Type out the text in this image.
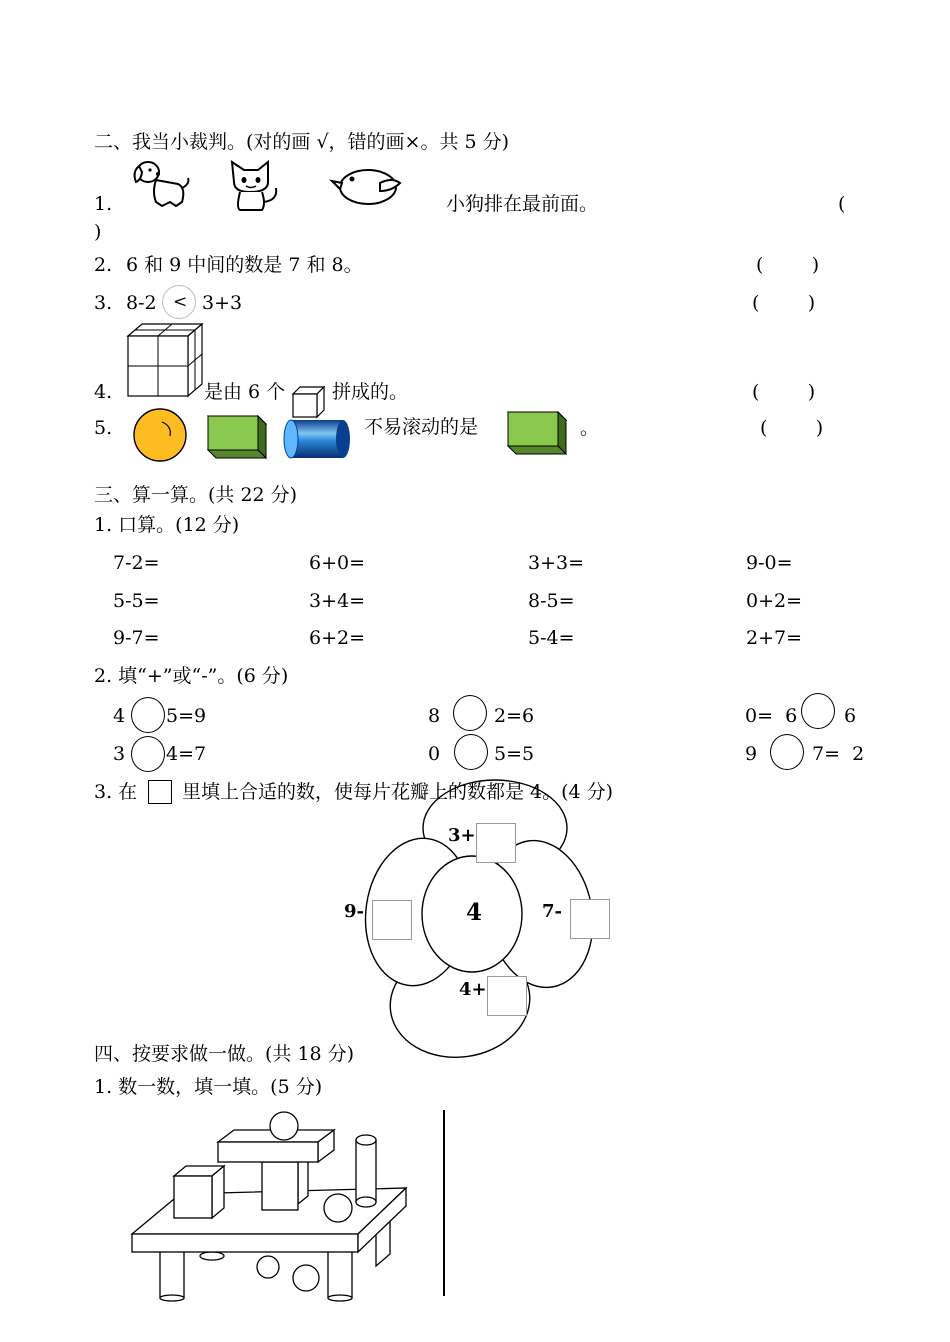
二、我当小裁判。(对的画 √，错的画×。共 5 分)
1.	小狗排在最前面。	(
)
2. 6 和 9 中间的数是 7 和 8。	(        )
3. 8-2 < 3+3	(        )
4.	是由 6 个 拼成的。	(        )
5.	不易滚动的是	。	(        )
三、算一算。(共 22 分)
1. 口算。(12 分)
7-2=	6+0=	3+3=	9-0=
5-5=	3+4=	8-5=	0+2=
9-7=	6+2=	5-4=	2+7=
2. 填“+”或“-”。(6 分)
4 5=9	8	2=6	0=  6 6
3 4=7	0	5=5	9	7=  2
3+
9-	7-
4+
4
3. 在 里填上合适的数，使每片花瓣上的数都是 4。(4 分)
四、按要求做一做。(共 18 分)
1. 数一数，填一填。(5 分)
